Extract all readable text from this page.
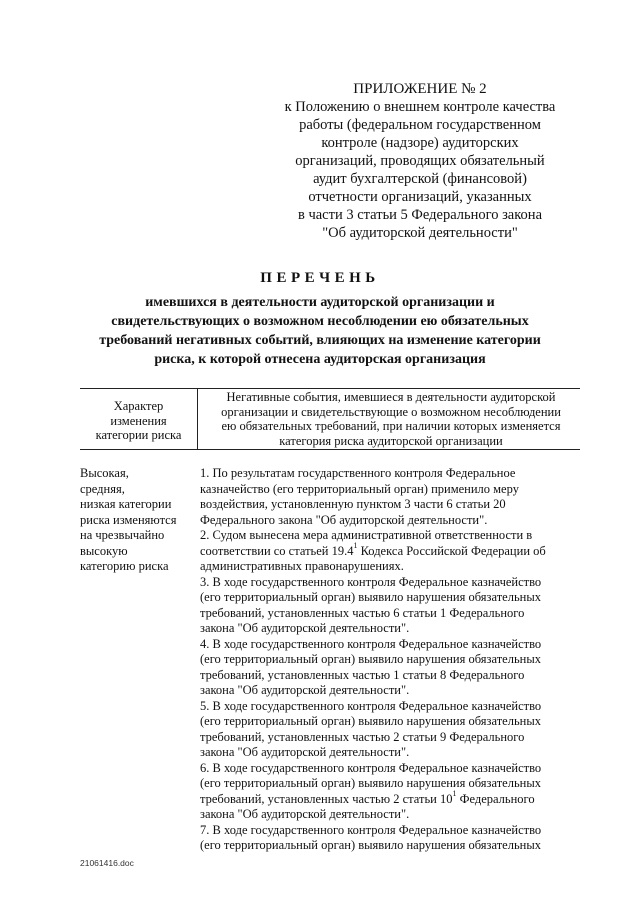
ПРИЛОЖЕНИЕ № 2
к Положению о внешнем контроле качества
работы (федеральном государственном
контроле (надзоре) аудиторских
организаций, проводящих обязательный
аудит бухгалтерской (финансовой)
отчетности организаций, указанных
в части 3 статьи 5 Федерального закона
"Об аудиторской деятельности"
ПЕРЕЧЕНЬ
имевшихся в деятельности аудиторской организации и
свидетельствующих о возможном несоблюдении ею обязательных
требований негативных событий, влияющих на изменение категории
риска, к которой отнесена аудиторская организация
Характер
изменения
категории риска
Негативные события, имевшиеся в деятельности аудиторской
организации и свидетельствующие о возможном несоблюдении
ею обязательных требований, при наличии которых изменяется
категория риска аудиторской организации
Высокая,
средняя,
низкая категории
риска изменяются
на чрезвычайно
высокую
категорию риска
1. По результатам государственного контроля Федеральное
казначейство (его территориальный орган) применило меру
воздействия, установленную пунктом 3 части 6 статьи 20
Федерального закона "Об аудиторской деятельности".
2. Судом вынесена мера административной ответственности в
соответствии со статьей 19.4$^1$ Кодекса Российской Федерации об
административных правонарушениях.
3. В ходе государственного контроля Федеральное казначейство
(его территориальный орган) выявило нарушения обязательных
требований, установленных частью 6 статьи 1 Федерального
закона "Об аудиторской деятельности".
4. В ходе государственного контроля Федеральное казначейство
(его территориальный орган) выявило нарушения обязательных
требований, установленных частью 1 статьи 8 Федерального
закона "Об аудиторской деятельности".
5. В ходе государственного контроля Федеральное казначейство
(его территориальный орган) выявило нарушения обязательных
требований, установленных частью 2 статьи 9 Федерального
закона "Об аудиторской деятельности".
6. В ходе государственного контроля Федеральное казначейство
(его территориальный орган) выявило нарушения обязательных
требований, установленных частью 2 статьи $10^1$ Федерального
закона "Об аудиторской деятельности".
7. В ходе государственного контроля Федеральное казначейство
(его территориальный орган) выявило нарушения обязательных
21061416.doc
